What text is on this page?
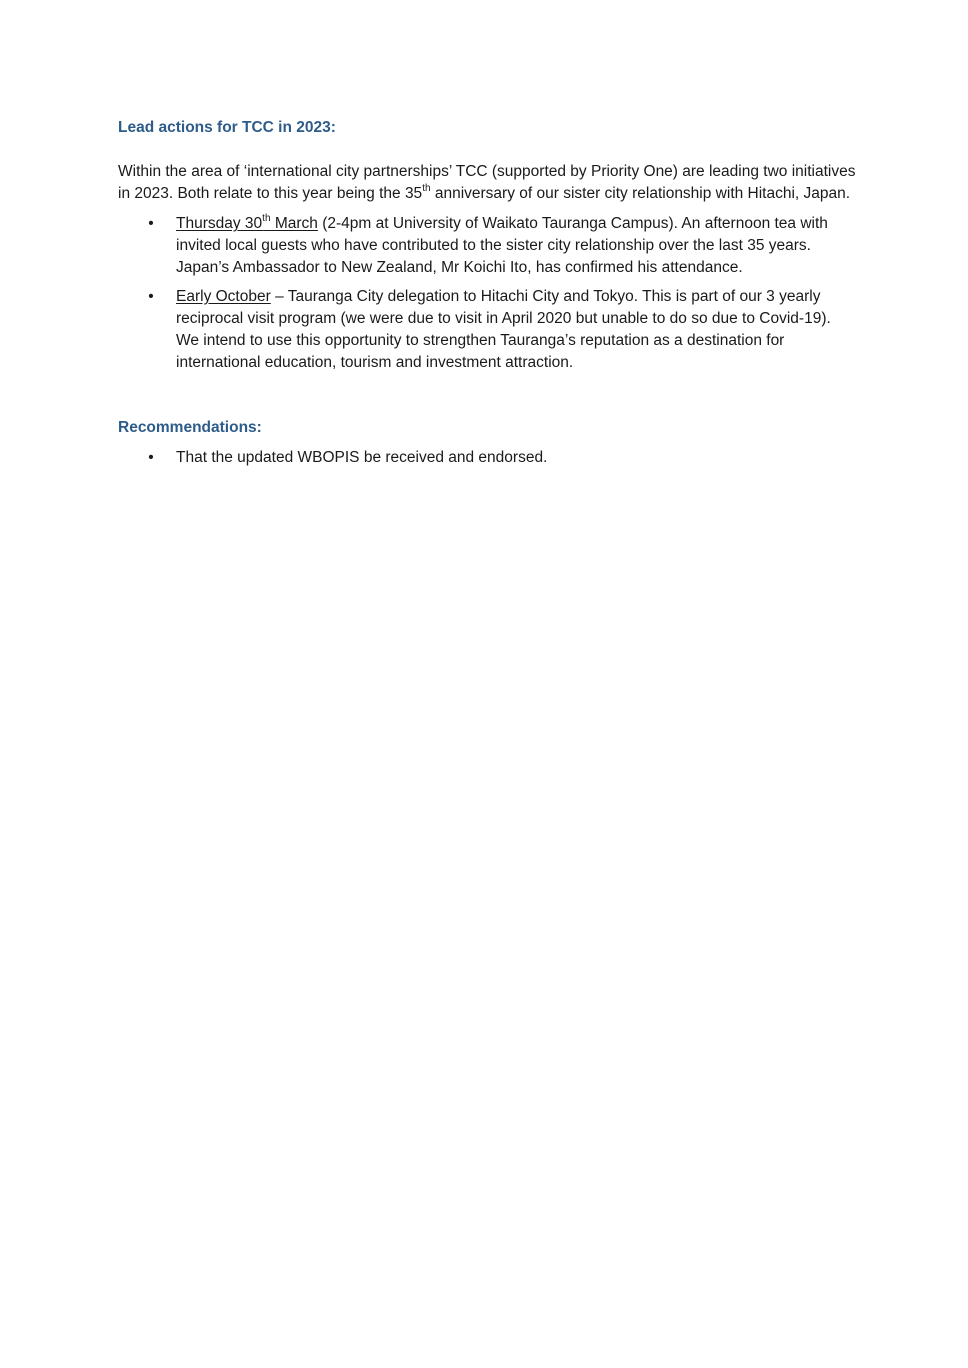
Lead actions for TCC in 2023:

Within the area of ‘international city partnerships’ TCC (supported by Priority One) are leading two initiatives in 2023. Both relate to this year being the 35th anniversary of our sister city relationship with Hitachi, Japan.

• Thursday 30th March (2-4pm at University of Waikato Tauranga Campus). An afternoon tea with invited local guests who have contributed to the sister city relationship over the last 35 years. Japan’s Ambassador to New Zealand, Mr Koichi Ito, has confirmed his attendance.
• Early October – Tauranga City delegation to Hitachi City and Tokyo. This is part of our 3 yearly reciprocal visit program (we were due to visit in April 2020 but unable to do so due to Covid-19). We intend to use this opportunity to strengthen Tauranga’s reputation as a destination for international education, tourism and investment attraction.
Recommendations:
• That the updated WBOPIS be received and endorsed.
